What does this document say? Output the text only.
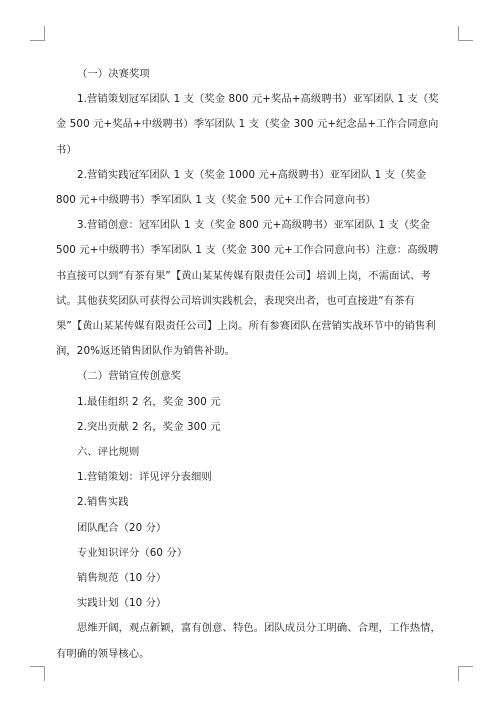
（一）决赛奖项

1.营销策划冠军团队 1 支（奖金 800 元+奖品+高级聘书）亚军团队 1 支（奖金 500 元+奖品+中级聘书）季军团队 1 支（奖金 300 元+纪念品+工作合同意向书）

2.营销实践冠军团队 1 支（奖金 1000 元+高级聘书）亚军团队 1 支（奖金 800 元+中级聘书）季军团队 1 支（奖金 500 元+工作合同意向书）

3.营销创意：冠军团队 1 支（奖金 800 元+高级聘书）亚军团队 1 支（奖金 500 元+中级聘书）季军团队 1 支（奖金 300 元+工作合同意向书）注意：高级聘书直接可以到“有茶有果”【黄山某某传媒有限责任公司】培训上岗，不需面试、考试。其他获奖团队可获得公司培训实践机会，表现突出者，也可直接进“有茶有果”【黄山某某传媒有限责任公司】上岗。所有参赛团队在营销实战环节中的销售利润，20%返还销售团队作为销售补助。

（二）营销宣传创意奖

1.最佳组织 2 名，奖金 300 元

2.突出贡献 2 名，奖金 300 元

六、评比规则

1.营销策划：详见评分表细则

2.销售实践

团队配合（20 分）

专业知识评分（60 分）

销售规范（10 分）

实践计划（10 分）

思维开阔，观点新颖，富有创意、特色。团队成员分工明确、合理，工作热情，有明确的领导核心。
